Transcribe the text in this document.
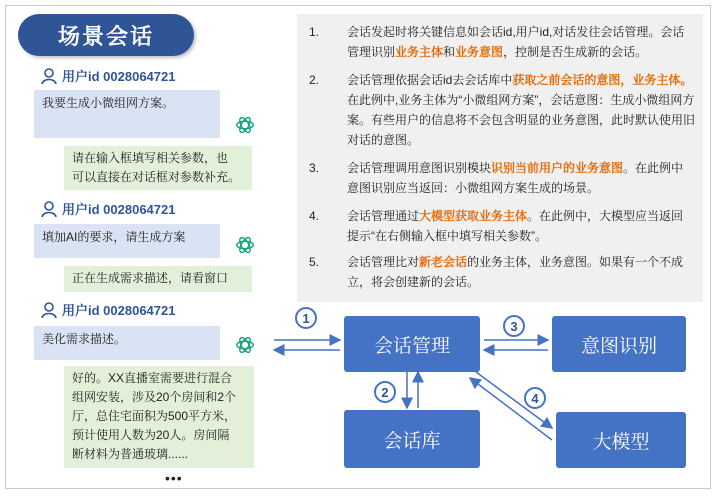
场景会话
用户id 0028064721
我要生成小微组网方案。
请在输入框填写相关参数，也
可以直接在对话框对参数补充。
用户id 0028064721
填加AI的要求，请生成方案
正在生成需求描述，请看窗口
用户id 0028064721
美化需求描述。
好的。XX直播室需要进行混合
组网安装，涉及20个房间和2个
厅，总住宅面积为500平方米，
预计使用人数为20人。房间隔
断材料为普通玻璃......
•••
1.	会话发起时将关键信息如会话id,用户id,对话发往会话管理。会话管理识别业务主体和业务意图，控制是否生成新的会话。
2.	会话管理依据会话id去会话库中获取之前会话的意图，业务主体。在此例中,业务主体为“小微组网方案”，会话意图：生成小微组网方案。有些用户的信息将不会包含明显的业务意图，此时默认使用旧对话的意图。
3.	会话管理调用意图识别模块识别当前用户的业务意图。在此例中意图识别应当返回：小微组网方案生成的场景。
4.	会话管理通过大模型获取业务主体。在此例中，大模型应当返回提示“在右侧输入框中填写相关参数”。
5.	会话管理比对新老会话的业务主体，业务意图。如果有一个不成立，将会创建新的会话。
1
3
2	4
会话管理	意图识别
会话库	大模型
